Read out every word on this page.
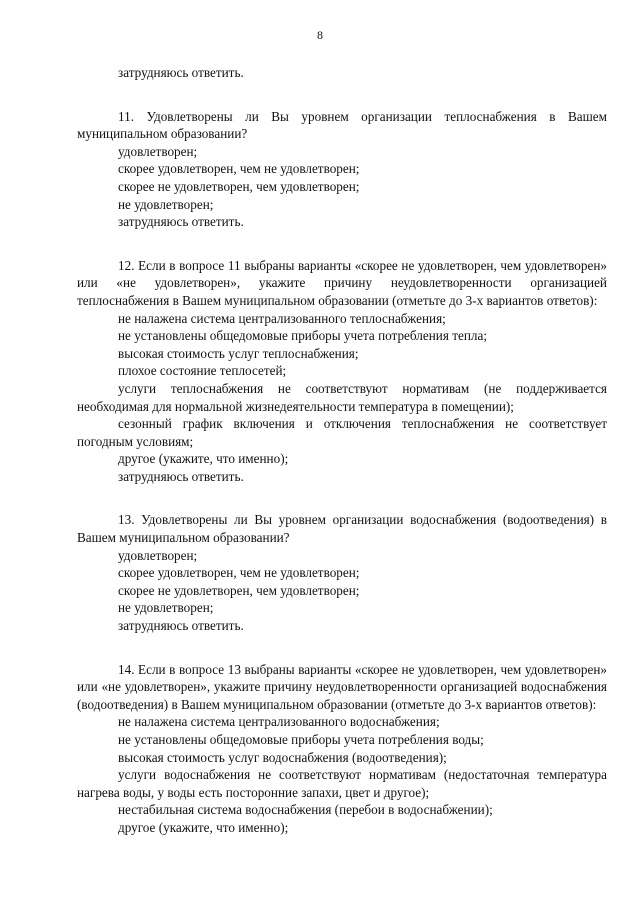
8
затрудняюсь ответить.
11. Удовлетворены ли Вы уровнем организации теплоснабжения в Вашем муниципальном образовании?
удовлетворен;
скорее удовлетворен, чем не удовлетворен;
скорее не удовлетворен, чем удовлетворен;
не удовлетворен;
затрудняюсь ответить.
12. Если в вопросе 11 выбраны варианты «скорее не удовлетворен, чем удовлетворен» или «не удовлетворен», укажите причину неудовлетворенности организацией теплоснабжения в Вашем муниципальном образовании (отметьте до 3-х вариантов ответов):
не налажена система централизованного теплоснабжения;
не установлены общедомовые приборы учета потребления тепла;
высокая стоимость услуг теплоснабжения;
плохое состояние теплосетей;
услуги теплоснабжения не соответствуют нормативам (не поддерживается необходимая для нормальной жизнедеятельности температура в помещении);
сезонный график включения и отключения теплоснабжения не соответствует погодным условиям;
другое (укажите, что именно);
затрудняюсь ответить.
13. Удовлетворены ли Вы уровнем организации водоснабжения (водоотведения) в Вашем муниципальном образовании?
удовлетворен;
скорее удовлетворен, чем не удовлетворен;
скорее не удовлетворен, чем удовлетворен;
не удовлетворен;
затрудняюсь ответить.
14. Если в вопросе 13 выбраны варианты «скорее не удовлетворен, чем удовлетворен» или «не удовлетворен», укажите причину неудовлетворенности организацией водоснабжения (водоотведения) в Вашем муниципальном образовании (отметьте до 3-х вариантов ответов):
не налажена система централизованного водоснабжения;
не установлены общедомовые приборы учета потребления воды;
высокая стоимость услуг водоснабжения (водоотведения);
услуги водоснабжения не соответствуют нормативам (недостаточная температура нагрева воды, у воды есть посторонние запахи, цвет и другое);
нестабильная система водоснабжения (перебои в водоснабжении);
другое (укажите, что именно);
